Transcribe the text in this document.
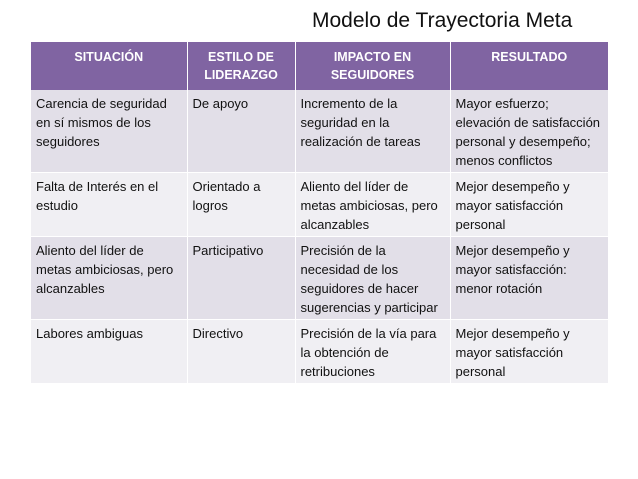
Modelo de Trayectoria Meta
SITUACIÓN	ESTILO DE LIDERAZGO	IMPACTO EN SEGUIDORES	RESULTADO
Carencia de seguridad en sí mismos de los seguidores	De apoyo	Incremento de la seguridad en la realización de tareas	Mayor esfuerzo; elevación de satisfacción personal y desempeño; menos conflictos
Falta de Interés en el estudio	Orientado a logros	Aliento del líder de metas ambiciosas, pero alcanzables	Mejor desempeño y mayor satisfacción personal
Aliento del líder de metas ambiciosas, pero alcanzables	Participativo	Precisión de la necesidad de los seguidores de hacer sugerencias y participar	Mejor desempeño y mayor satisfacción: menor rotación
Labores ambiguas	Directivo	Precisión de la vía para la obtención de retribuciones	Mejor desempeño y mayor satisfacción personal
